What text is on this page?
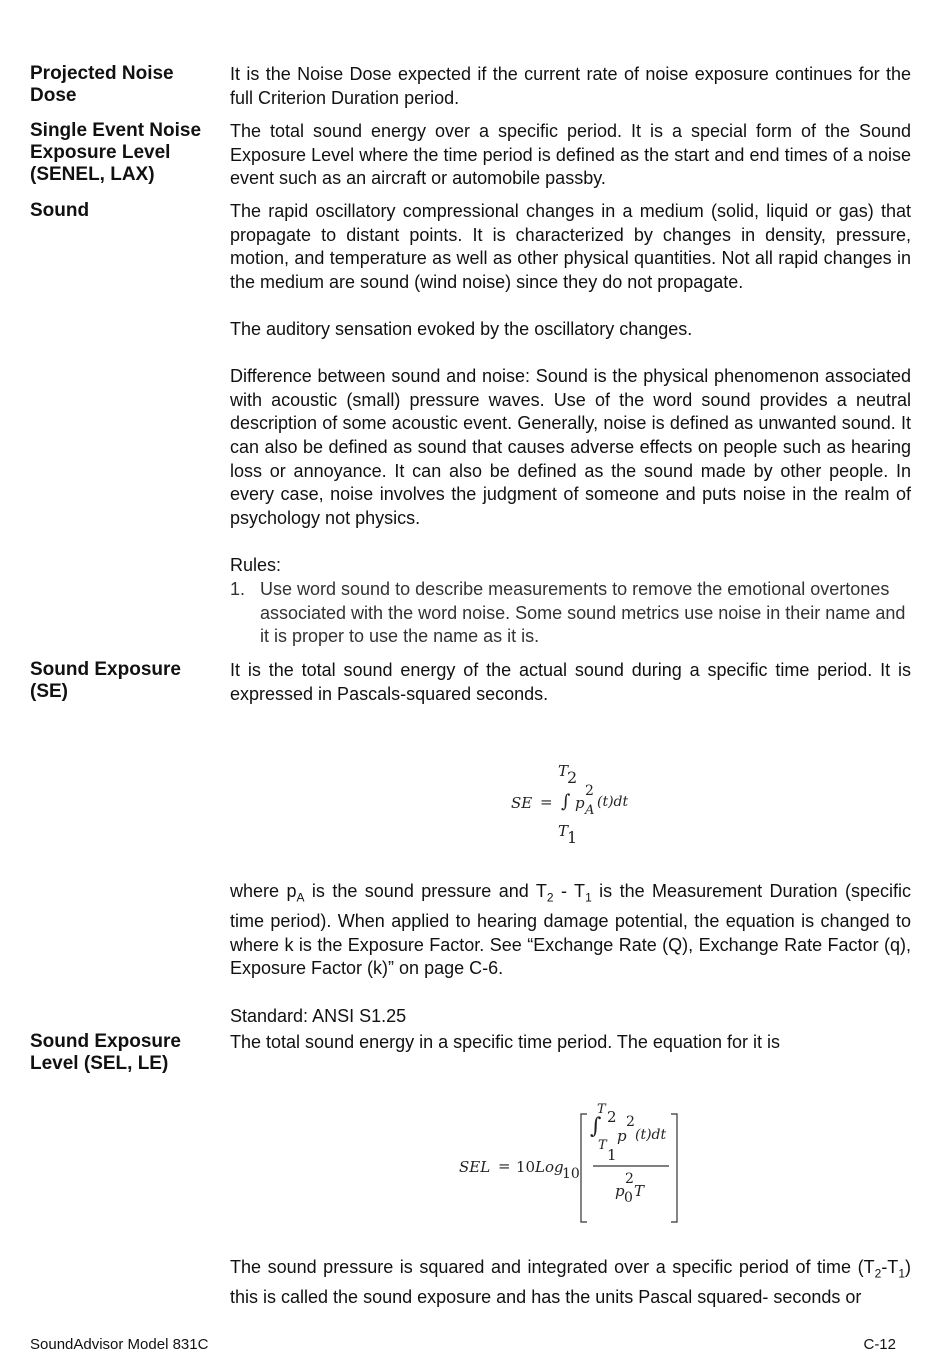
Projected Noise Dose

It is the Noise Dose expected if the current rate of noise exposure continues for the full Criterion Duration period.

Single Event Noise Exposure Level (SENEL, LAX)

The total sound energy over a specific period. It is a special form of the Sound Exposure Level where the time period is defined as the start and end times of a noise event such as an aircraft or automobile passby.

Sound	The rapid oscillatory compressional changes in a medium (solid, liquid or gas) that propagate to distant points. It is characterized by changes in density, pressure, motion, and temperature as well as other physical quantities. Not all rapid changes in the medium are sound (wind noise) since they do not propagate.

The auditory sensation evoked by the oscillatory changes.

Difference between sound and noise: Sound is the physical phenomenon associated with acoustic (small) pressure waves. Use of the word sound provides a neutral description of some acoustic event. Generally, noise is defined as unwanted sound. It can also be defined as sound that causes adverse effects on people such as hearing loss or annoyance. It can also be defined as the sound made by other people. In every case, noise involves the judgment of someone and puts noise in the realm of psychology not physics.

Rules:

1. Use word sound to describe measurements to remove the emotional overtones associated with the word noise. Some sound metrics use noise in their name and it is proper to use the name as it is.
Sound Exposure (SE)

It is the total sound energy of the actual sound during a specific time period. It is expressed in Pascals-squared seconds.

SE =
T
2
∫ p
2
A
(t)dt
T
1

where $p_A$ is the sound pressure and $T_2 - T_1$ is the Measurement Duration (specific time period). When applied to hearing damage potential, the equation is changed to where k is the Exposure Factor. See “Exchange Rate (Q), Exchange Rate Factor (q), Exposure Factor (k)” on page C-6.

Standard: ANSI S1.25

Sound Exposure Level (SEL, LE)

The total sound energy in a specific time period. The equation for it is

SEL = 10 Log
10
∫
T 2
T
1
p
2
(t)dt
2
p 0 T

The sound pressure is squared and integrated over a specific period of time $(T_2-T_1)$ this is called the sound exposure and has the units Pascal squared- seconds or

SoundAdvisor Model 831C	C-12
